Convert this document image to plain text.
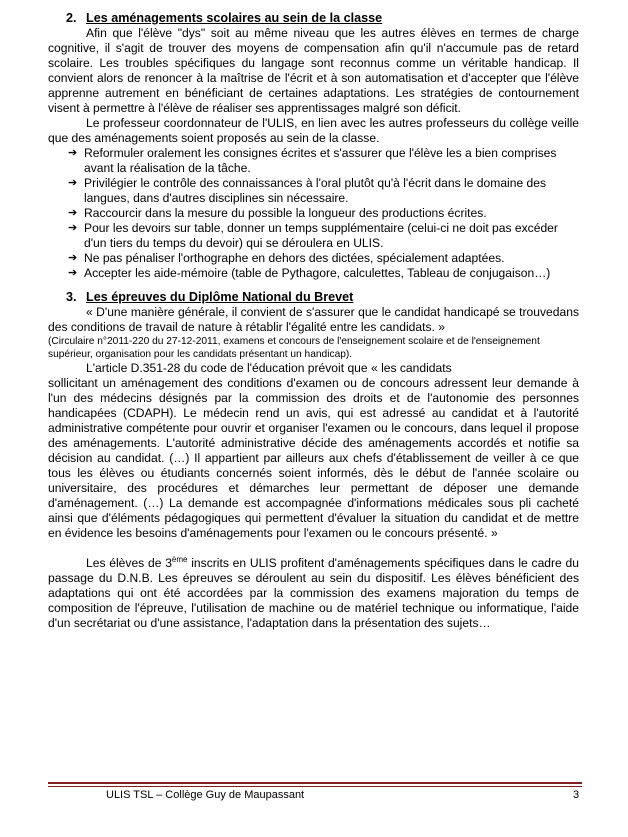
2. Les aménagements scolaires au sein de la classe

Afin que l'élève "dys" soit au même niveau que les autres élèves en termes de charge cognitive, il s'agit de trouver des moyens de compensation afin qu'il n'accumule pas de retard scolaire. Les troubles spécifiques du langage sont reconnus comme un véritable handicap. Il convient alors de renoncer à la maîtrise de l'écrit et à son automatisation et d'accepter que l'élève apprenne autrement en bénéficiant de certaines adaptations. Les stratégies de contournement visent à permettre à l'élève de réaliser ses apprentissages malgré son déficit.

Le professeur coordonnateur de l'ULIS, en lien avec les autres professeurs du collège veille que des aménagements soient proposés au sein de la classe.

➔ Reformuler oralement les consignes écrites et s'assurer que l'élève les a bien comprises avant la réalisation de la tâche.
➔ Privilégier le contrôle des connaissances à l'oral plutôt qu'à l'écrit dans le domaine des langues, dans d'autres disciplines sin nécessaire.
➔ Raccourcir dans la mesure du possible la longueur des productions écrites.
➔ Pour les devoirs sur table, donner un temps supplémentaire (celui-ci ne doit pas excéder d'un tiers du temps du devoir) qui se déroulera en ULIS.
➔ Ne pas pénaliser l'orthographe en dehors des dictées, spécialement adaptées.
➔ Accepter les aide-mémoire (table de Pythagore, calculettes, Tableau de conjugaison…)
3. Les épreuves du Diplôme National du Brevet

« D'une manière générale, il convient de s'assurer que le candidat handicapé se trouvedans des conditions de travail de nature à rétablir l'égalité entre les candidats. »

(Circulaire n°2011-220 du 27-12-2011, examens et concours de l'enseignement scolaire et de l'enseignement supérieur, organisation pour les candidats présentant un handicap).

L'article D.351-28 du code de l'éducation prévoit que « les candidats

sollicitant un aménagement des conditions d'examen ou de concours adressent leur demande à l'un des médecins désignés par la commission des droits et de l'autonomie des personnes handicapées (CDAPH). Le médecin rend un avis, qui est adressé au candidat et à l'autorité administrative compétente pour ouvrir et organiser l'examen ou le concours, dans lequel il propose des aménagements. L'autorité administrative décide des aménagements accordés et notifie sa décision au candidat. (…) Il appartient par ailleurs aux chefs d'établissement de veiller à ce que tous les élèves ou étudiants concernés soient informés, dès le début de l'année scolaire ou universitaire, des procédures et démarches leur permettant de déposer une demande d'aménagement. (…) La demande est accompagnée d'informations médicales sous pli cacheté ainsi que d'éléments pédagogiques qui permettent d'évaluer la situation du candidat et de mettre en évidence les besoins d'aménagements pour l'examen ou le concours présenté. »

Les élèves de 3ème inscrits en ULIS profitent d'aménagements spécifiques dans le cadre du passage du D.N.B. Les épreuves se déroulent au sein du dispositif. Les élèves bénéficient des adaptations qui ont été accordées par la commission des examens majoration du temps de composition de l'épreuve, l'utilisation de machine ou de matériel technique ou informatique, l'aide d'un secrétariat ou d'une assistance, l'adaptation dans la présentation des sujets…

ULIS TSL – Collège Guy de Maupassant	3
